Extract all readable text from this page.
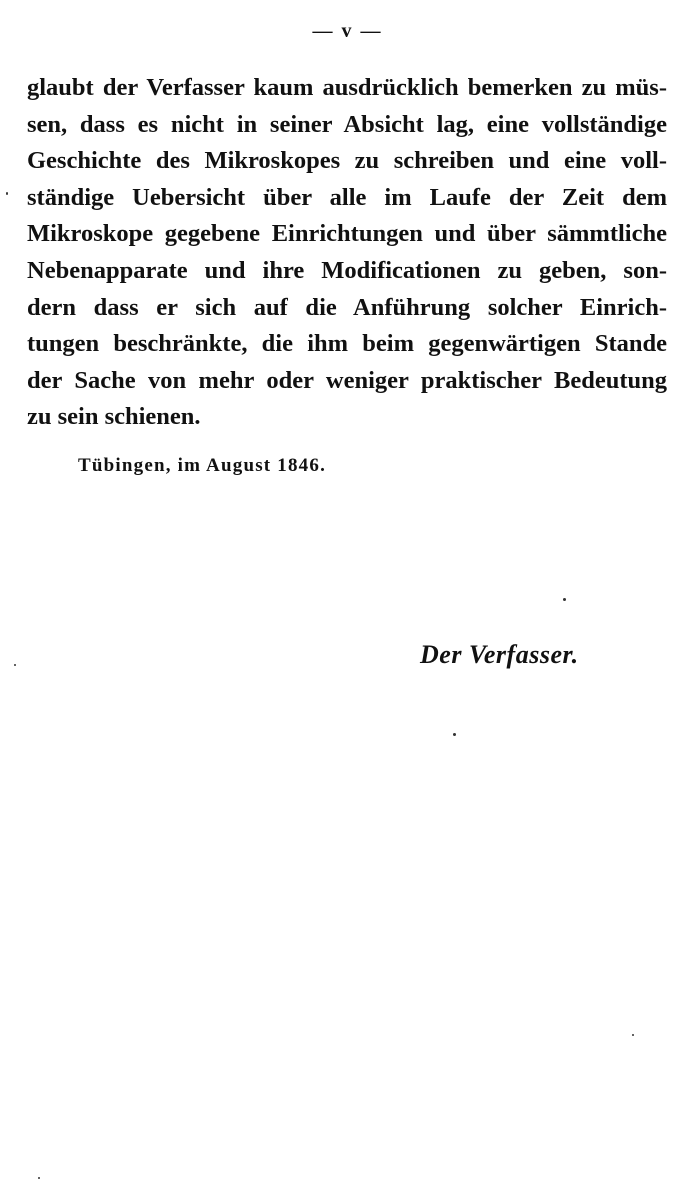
— v —
glaubt der Verfasser kaum ausdrücklich bemerken zu müs-
sen, dass es nicht in seiner Absicht lag, eine vollständige
Geschichte des Mikroskopes zu schreiben und eine voll-
ständige Uebersicht über alle im Laufe der Zeit dem
Mikroskope gegebene Einrichtungen und über sämmtliche
Nebenapparate und ihre Modificationen zu geben, son-
dern dass er sich auf die Anführung solcher Einrich-
tungen beschränkte, die ihm beim gegenwärtigen Stande
der Sache von mehr oder weniger praktischer Bedeutung
zu sein schienen.
Tübingen, im August 1846.
Der Verfasser.
